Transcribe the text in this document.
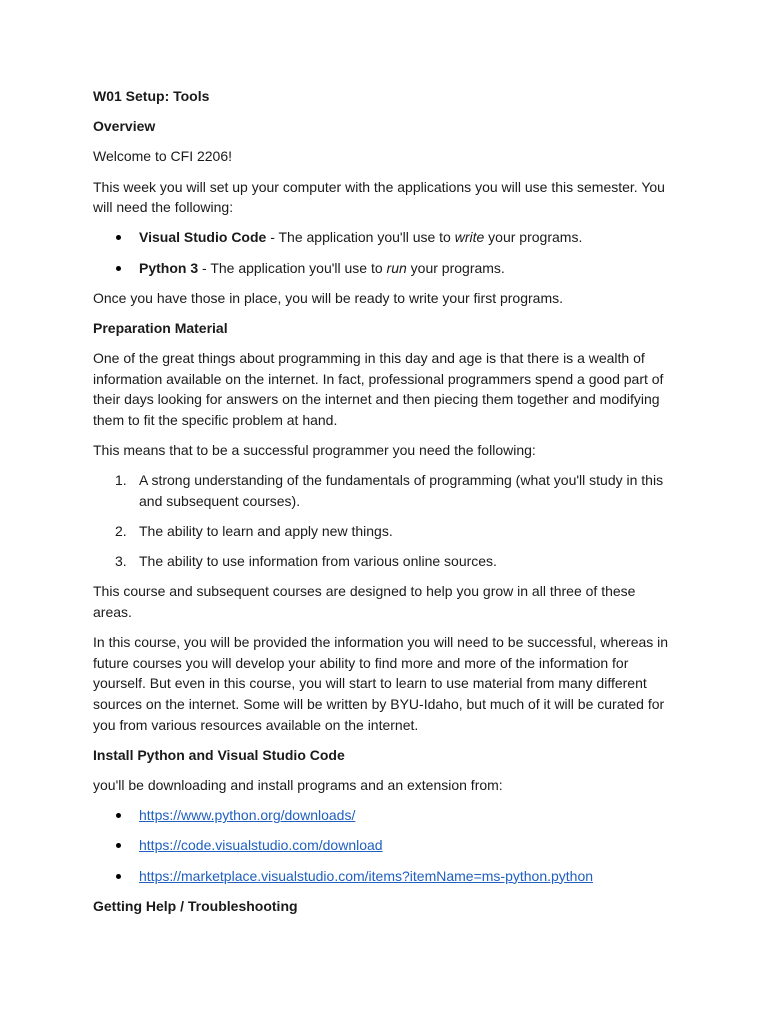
W01 Setup: Tools
Overview
Welcome to CFI 2206!
This week you will set up your computer with the applications you will use this semester. You will need the following:
Visual Studio Code - The application you'll use to write your programs.
Python 3 - The application you'll use to run your programs.
Once you have those in place, you will be ready to write your first programs.
Preparation Material
One of the great things about programming in this day and age is that there is a wealth of information available on the internet. In fact, professional programmers spend a good part of their days looking for answers on the internet and then piecing them together and modifying them to fit the specific problem at hand.
This means that to be a successful programmer you need the following:
1. A strong understanding of the fundamentals of programming (what you'll study in this and subsequent courses).
2. The ability to learn and apply new things.
3. The ability to use information from various online sources.
This course and subsequent courses are designed to help you grow in all three of these areas.
In this course, you will be provided the information you will need to be successful, whereas in future courses you will develop your ability to find more and more of the information for yourself. But even in this course, you will start to learn to use material from many different sources on the internet. Some will be written by BYU-Idaho, but much of it will be curated for you from various resources available on the internet.
Install Python and Visual Studio Code
you'll be downloading and install programs and an extension from:
https://www.python.org/downloads/
https://code.visualstudio.com/download
https://marketplace.visualstudio.com/items?itemName=ms-python.python
Getting Help / Troubleshooting
